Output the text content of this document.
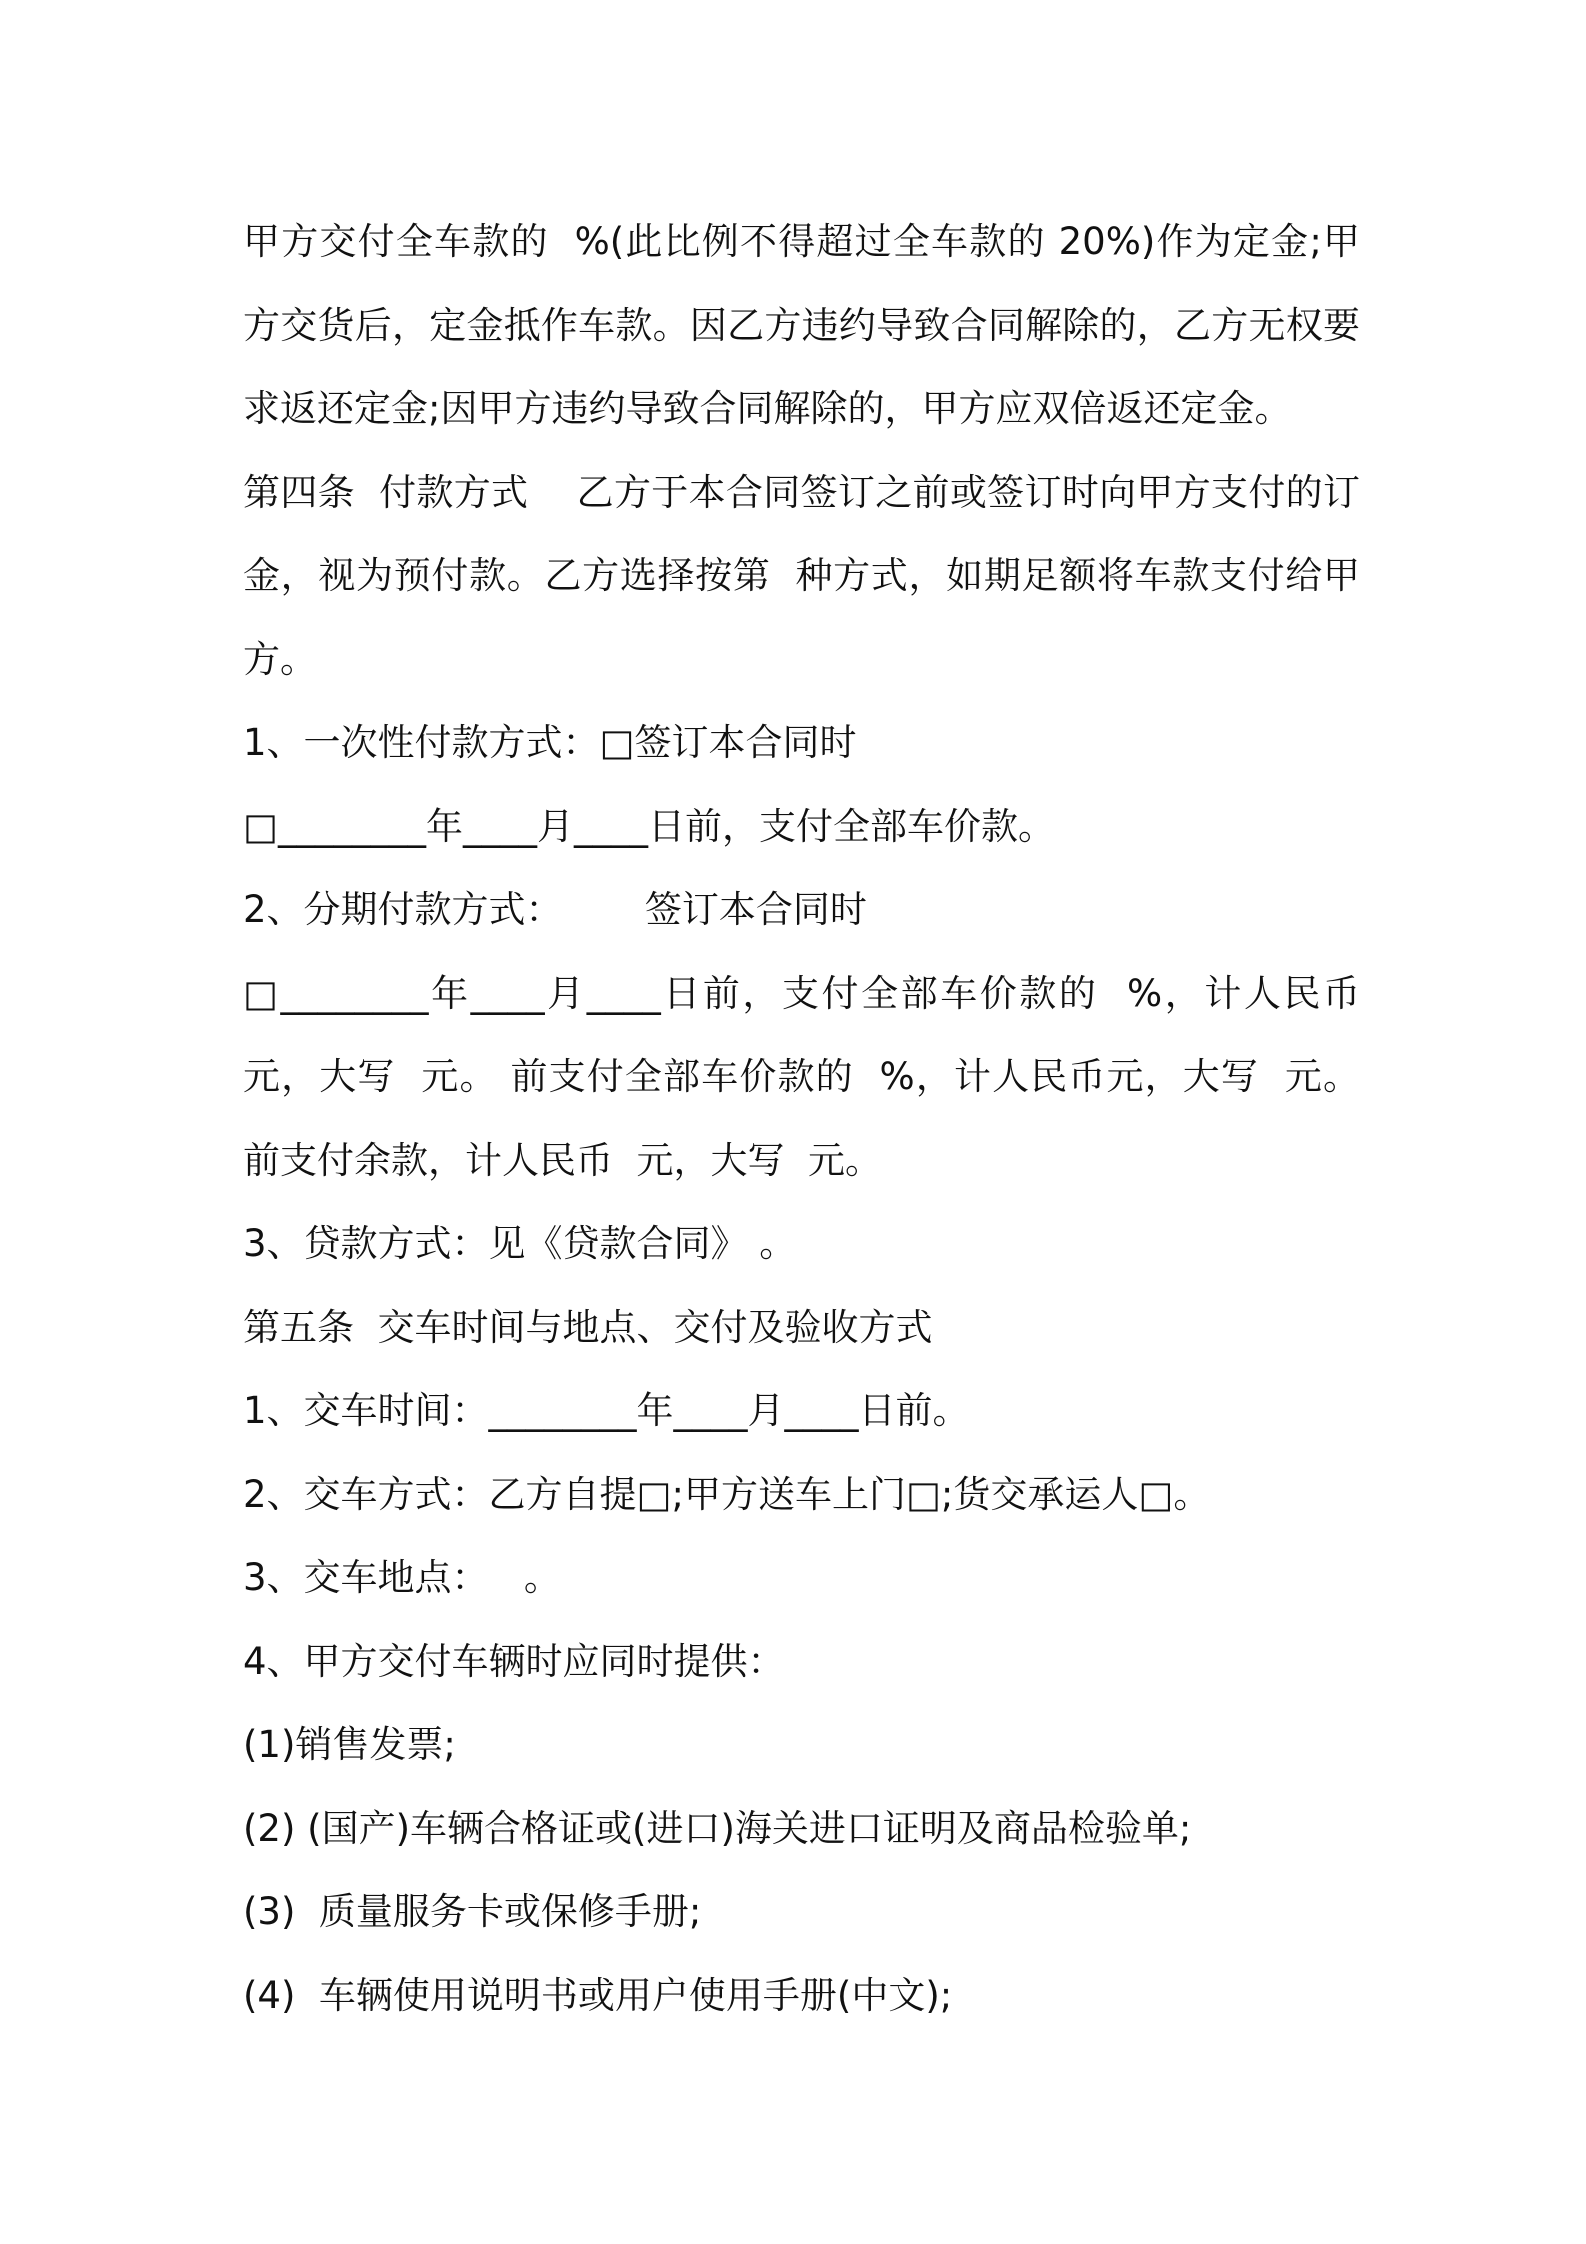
甲方交付全车款的  %(此比例不得超过全车款的 20%)作为定金;甲方交货后，定金抵作车款。因乙方违约导致合同解除的，乙方无权要求返还定金;因甲方违约导致合同解除的，甲方应双倍返还定金。

第四条  付款方式    乙方于本合同签订之前或签订时向甲方支付的订金，视为预付款。乙方选择按第  种方式，如期足额将车款支付给甲方。

1、一次性付款方式：□签订本合同时

□________年____月____日前，支付全部车价款。

2、分期付款方式：       签订本合同时

□________年____月____日前，支付全部车价款的  %，计人民币元，大写  元。 前支付全部车价款的  %，计人民币元，大写  元。 前支付余款，计人民币  元，大写  元。

3、贷款方式：见《贷款合同》 。

第五条  交车时间与地点、交付及验收方式

1、交车时间：________年____月____日前。

2、交车方式：乙方自提□;甲方送车上门□;货交承运人□。

3、交车地点：   。

4、甲方交付车辆时应同时提供：

(1)销售发票;

(2) (国产)车辆合格证或(进口)海关进口证明及商品检验单;

(3)  质量服务卡或保修手册;

(4)  车辆使用说明书或用户使用手册(中文);
